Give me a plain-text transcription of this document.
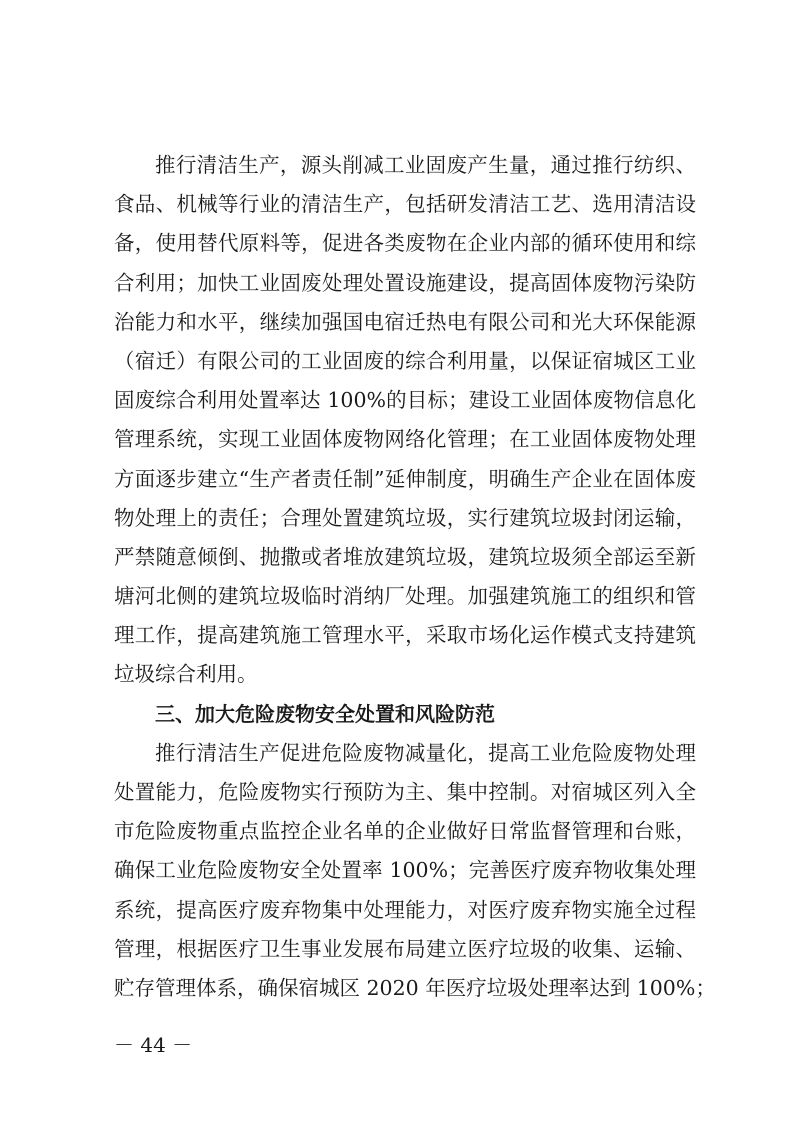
推行清洁生产，源头削减工业固废产生量，通过推行纺织、
食品、机械等行业的清洁生产，包括研发清洁工艺、选用清洁设
备，使用替代原料等，促进各类废物在企业内部的循环使用和综
合利用；加快工业固废处理处置设施建设，提高固体废物污染防
治能力和水平，继续加强国电宿迁热电有限公司和光大环保能源
（宿迁）有限公司的工业固废的综合利用量，以保证宿城区工业
固废综合利用处置率达 100%的目标；建设工业固体废物信息化
管理系统，实现工业固体废物网络化管理；在工业固体废物处理
方面逐步建立“生产者责任制”延伸制度，明确生产企业在固体废
物处理上的责任；合理处置建筑垃圾，实行建筑垃圾封闭运输，
严禁随意倾倒、抛撒或者堆放建筑垃圾，建筑垃圾须全部运至新
塘河北侧的建筑垃圾临时消纳厂处理。加强建筑施工的组织和管
理工作，提高建筑施工管理水平，采取市场化运作模式支持建筑
垃圾综合利用。
三、加大危险废物安全处置和风险防范
推行清洁生产促进危险废物减量化，提高工业危险废物处理
处置能力，危险废物实行预防为主、集中控制。对宿城区列入全
市危险废物重点监控企业名单的企业做好日常监督管理和台账，
确保工业危险废物安全处置率 100%；完善医疗废弃物收集处理
系统，提高医疗废弃物集中处理能力，对医疗废弃物实施全过程
管理，根据医疗卫生事业发展布局建立医疗垃圾的收集、运输、
贮存管理体系，确保宿城区 2020 年医疗垃圾处理率达到 100%；
－ 44 －
